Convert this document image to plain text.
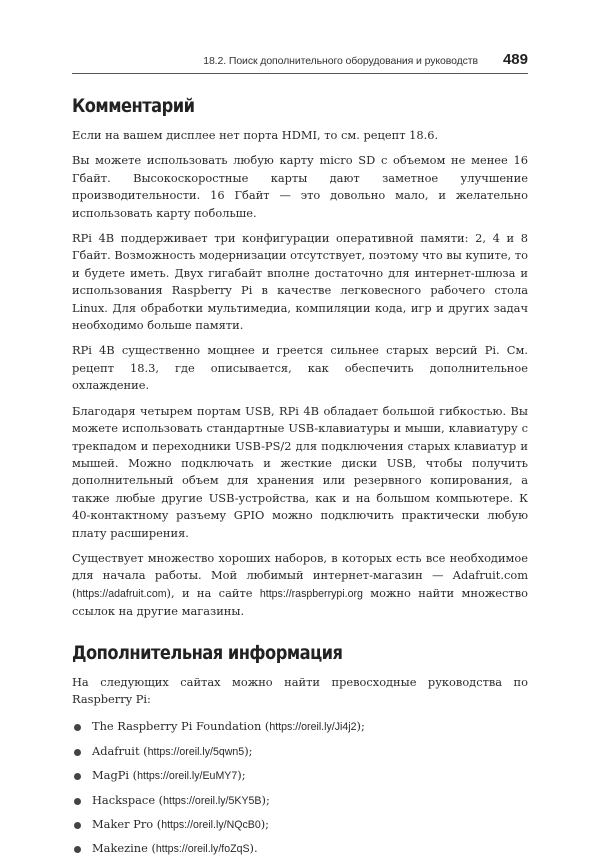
18.2. Поиск дополнительного оборудования и руководств 489
Комментарий

Если на вашем дисплее нет порта HDMI, то см. рецепт 18.6.

Вы можете использовать любую карту micro SD с объемом не менее 16 Гбайт. Высокоскоростные карты дают заметное улучшение производительности. 16 Гбайт — это довольно мало, и желательно использовать карту побольше.

RPi 4B поддерживает три конфигурации оперативной памяти: 2, 4 и 8 Гбайт. Возможность модернизации отсутствует, поэтому что вы купите, то и будете иметь. Двух гигабайт вполне достаточно для интернет-шлюза и использования Raspberry Pi в качестве легковесного рабочего стола Linux. Для обработки мультимедиа, компиляции кода, игр и других задач необходимо больше памяти.

RPi 4B существенно мощнее и греется сильнее старых версий Pi. См. рецепт 18.3, где описывается, как обеспечить дополнительное охлаждение.

Благодаря четырем портам USB, RPi 4B обладает большой гибкостью. Вы можете использовать стандартные USB-клавиатуры и мыши, клавиатуру с трекпадом и переходники USB-PS/2 для подключения старых клавиатур и мышей. Можно подключать и жесткие диски USB, чтобы получить дополнительный объем для хранения или резервного копирования, а также любые другие USB-устройства, как и на большом компьютере. К 40-контактному разъему GPIO можно подключить практически любую плату расширения.

Существует множество хороших наборов, в которых есть все необходимое для начала работы. Мой любимый интернет-магазин — Adafruit.com (https://adafruit.com), и на сайте https://raspberrypi.org можно найти множество ссылок на другие магазины.

Дополнительная информация

На следующих сайтах можно найти превосходные руководства по Raspberry Pi:

The Raspberry Pi Foundation (https://oreil.ly/Ji4j2);
Adafruit (https://oreil.ly/5qwn5);
MagPi (https://oreil.ly/EuMY7);
Hackspace (https://oreil.ly/5KY5B);
Maker Pro (https://oreil.ly/NQcB0);
Makezine (https://oreil.ly/foZqS).
